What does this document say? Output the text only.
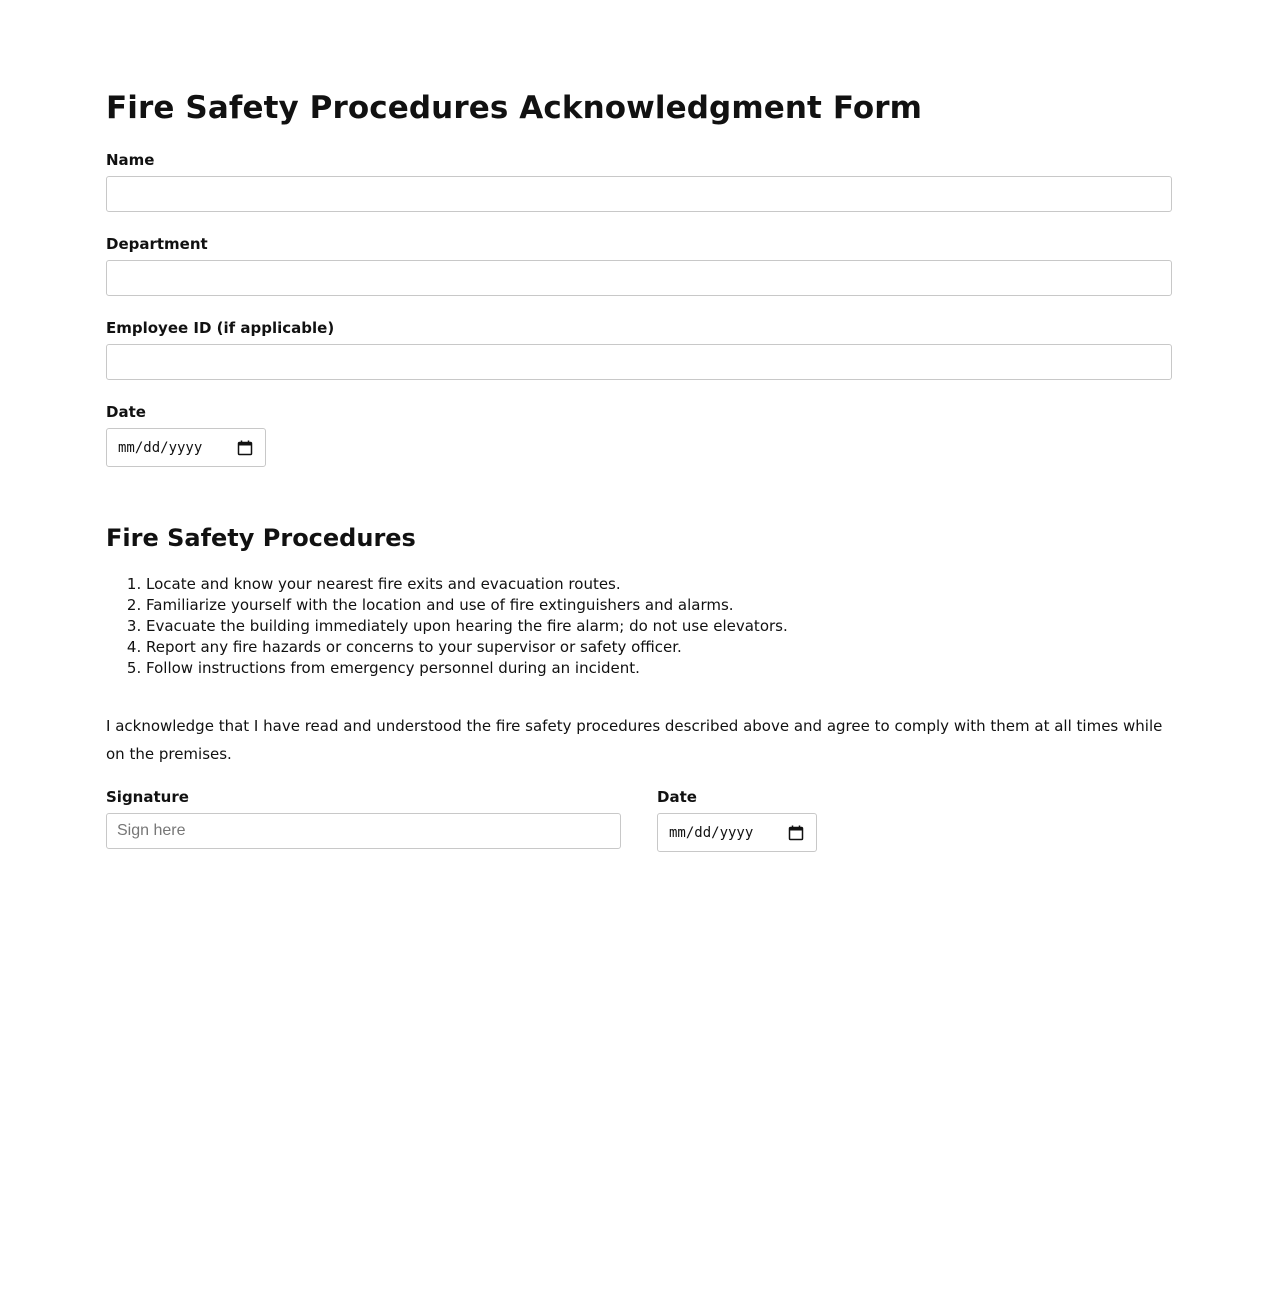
Fire Safety Procedures Acknowledgment Form
Name
Department
Employee ID (if applicable)
Date
mm/dd/yyyy
Fire Safety Procedures
1. Locate and know your nearest fire exits and evacuation routes.
2. Familiarize yourself with the location and use of fire extinguishers and alarms.
3. Evacuate the building immediately upon hearing the fire alarm; do not use elevators.
4. Report any fire hazards or concerns to your supervisor or safety officer.
5. Follow instructions from emergency personnel during an incident.

I acknowledge that I have read and understood the fire safety procedures described above and agree to comply with them at all times while on the premises.

Signature
Sign here
Date
mm/dd/yyyy
